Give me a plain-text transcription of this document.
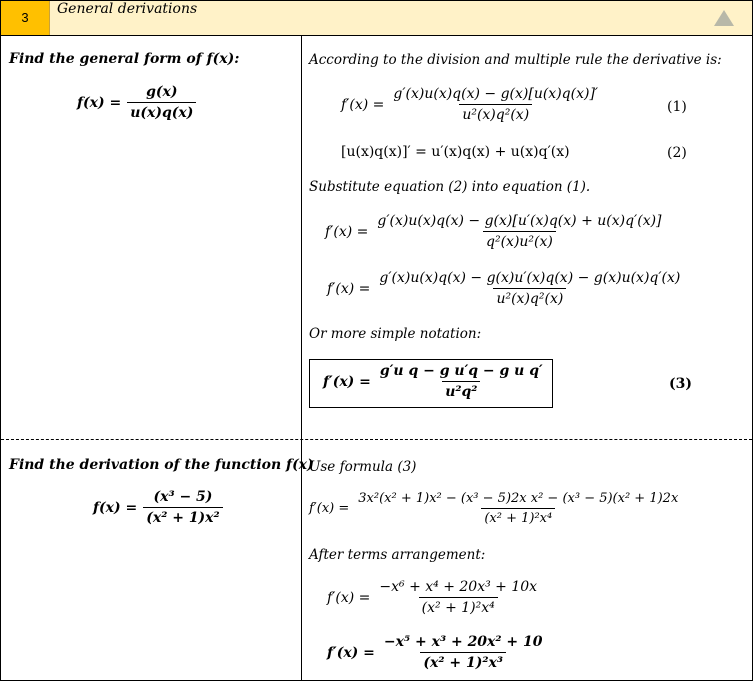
3
General derivations
Find the general form of f(x):
$f(x) = \frac{g(x)}{u(x)q(x)}$
According to the division and multiple rule the derivative is:
$f'(x) = \frac{g'(x)u(x)q(x) - g(x)[u(x)q(x)]'}{\text{u²(x)q²(x)}}$	(1)
[u(x)q(x)]′ = u′(x)q(x) + u(x)q′(x)	(2)
Substitute equation (2) into equation (1).
$f'(x) = \frac{g'(x)u(x)q(x) - g(x)[u'(x)q(x) + u(x)q'(x)]}{\text{q²(x)u²(x)}}$
$f'(x) = \frac{g'(x)u(x)q(x) - g(x)u'(x)q(x) - g(x)u(x)q'(x)}{\text{u²(x)q²(x)}}$
Or more simple notation:
$f'(x) = \frac{\text{g′u q − g u′q − g u q′}}{\text{u²q²}}$	(3)
Find the derivation of the function f(x)
$f(x) = \frac{\text{(x³ − 5)}}{\text{(x² + 1)x²}}$
Use formula (3)
$f'(x) = \frac{\text{3x²(x² + 1)x² − (x³ − 5)2x x² − (x³ − 5)(x² + 1)2x}}{\text{(x² + 1)²x⁴}}$
After terms arrangement:
$f'(x) = \frac{\text{−x⁶ + x⁴ + 20x³ + 10x}}{\text{(x² + 1)²x⁴}}$
$f'(x) = \frac{\text{−x⁵ + x³ + 20x² + 10}}{\text{(x² + 1)²x³}}$
